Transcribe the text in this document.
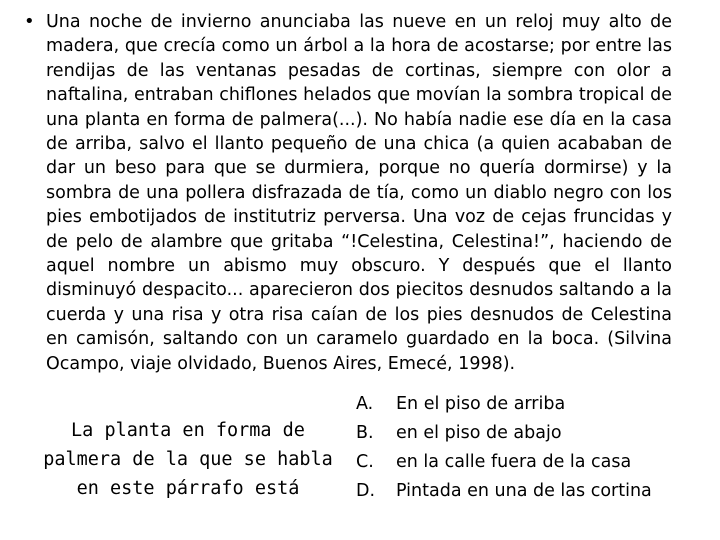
• Una noche de invierno anunciaba las nueve en un reloj muy alto de madera, que crecía como un árbol a la hora de acostarse; por entre las rendijas de las ventanas pesadas de cortinas, siempre con olor a naftalina, entraban chiflones helados que movían la sombra tropical de una planta en forma de palmera(...). No había nadie ese día en la casa de arriba, salvo el llanto pequeño de una chica (a quien acababan de dar un beso para que se durmiera, porque no quería dormirse) y la sombra de una pollera disfrazada de tía, como un diablo negro con los pies embotijados de institutriz perversa. Una voz de cejas fruncidas y de pelo de alambre que gritaba “!Celestina, Celestina!”, haciendo de aquel nombre un abismo muy obscuro. Y después que el llanto disminuyó despacito... aparecieron dos piecitos desnudos saltando a la cuerda y una risa y otra risa caían de los pies desnudos de Celestina en camisón, saltando con un caramelo guardado en la boca. (Silvina Ocampo, viaje olvidado, Buenos Aires, Emecé, 1998).

La planta en forma de palmera de la que se habla en este párrafo está

A.	En el piso de arriba
B.	en el piso de abajo
C.	en la calle fuera de la casa
D.	Pintada en una de las cortina
